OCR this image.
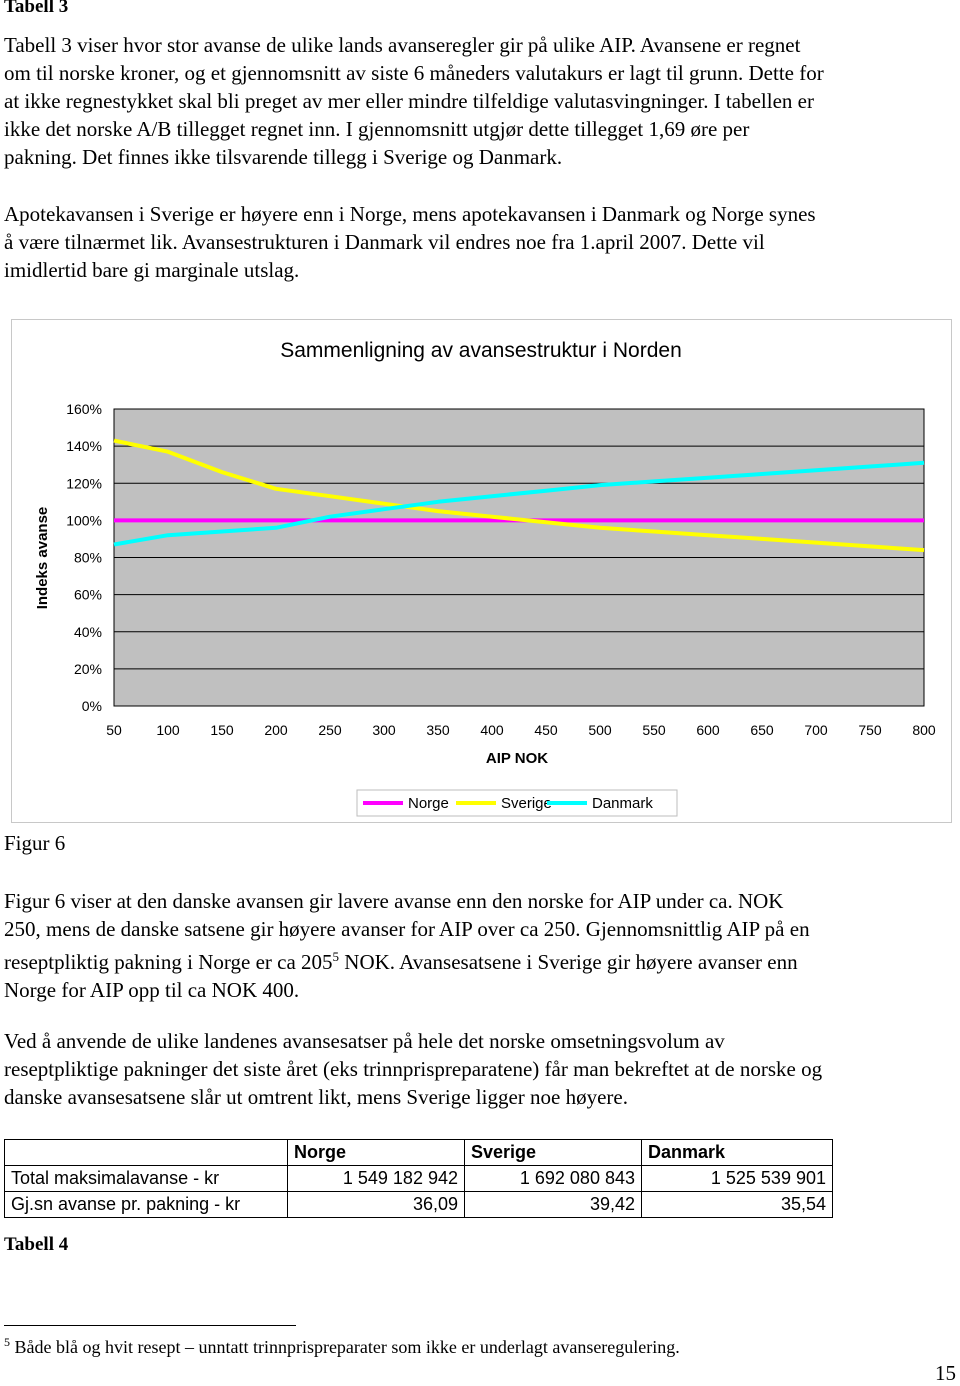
Tabell 3
Tabell 3 viser hvor stor avanse de ulike lands avanseregler gir på ulike AIP. Avansene er regnet
om til norske kroner, og et gjennomsnitt av siste 6 måneders valutakurs er lagt til grunn. Dette for
at ikke regnestykket skal bli preget av mer eller mindre tilfeldige valutasvingninger. I tabellen er
ikke det norske A/B tillegget regnet inn. I gjennomsnitt utgjør dette tillegget 1,69 øre per
pakning. Det finnes ikke tilsvarende tillegg i Sverige og Danmark.
Apotekavansen i Sverige er høyere enn i Norge, mens apotekavansen i Danmark og Norge synes
å være tilnærmet lik. Avansestrukturen i Danmark vil endres noe fra 1.april 2007. Dette vil
imidlertid bare gi marginale utslag.
Sammenligning av avansestruktur i Norden
0%
20%
40%
60%
80%
100%
120%
140%
160%
50 100 150 200 250 300 350 400 450 500 550 600 650 700 750 800
AIP NOK
Indeks avanse
Norge	Sverige	Danmark
Figur 6
Figur 6 viser at den danske avansen gir lavere avanse enn den norske for AIP under ca. NOK
250, mens de danske satsene gir høyere avanser for AIP over ca 250. Gjennomsnittlig AIP på en
reseptpliktig pakning i Norge er ca $205^5$ NOK. Avansesatsene i Sverige gir høyere avanser enn
Norge for AIP opp til ca NOK 400.
Ved å anvende de ulike landenes avansesatser på hele det norske omsetningsvolum av
reseptpliktige pakninger det siste året (eks trinnprispreparatene) får man bekreftet at de norske og
danske avansesatsene slår ut omtrent likt, mens Sverige ligger noe høyere.
	Norge	Sverige	Danmark
Total maksimalavanse - kr	1 549 182 942	1 692 080 843	1 525 539 901
Gj.sn avanse pr. pakning - kr	36,09	39,42	35,54
Tabell 4
$^5$ Både blå og hvit resept – unntatt trinnprispreparater som ikke er underlagt avanseregulering.
15
